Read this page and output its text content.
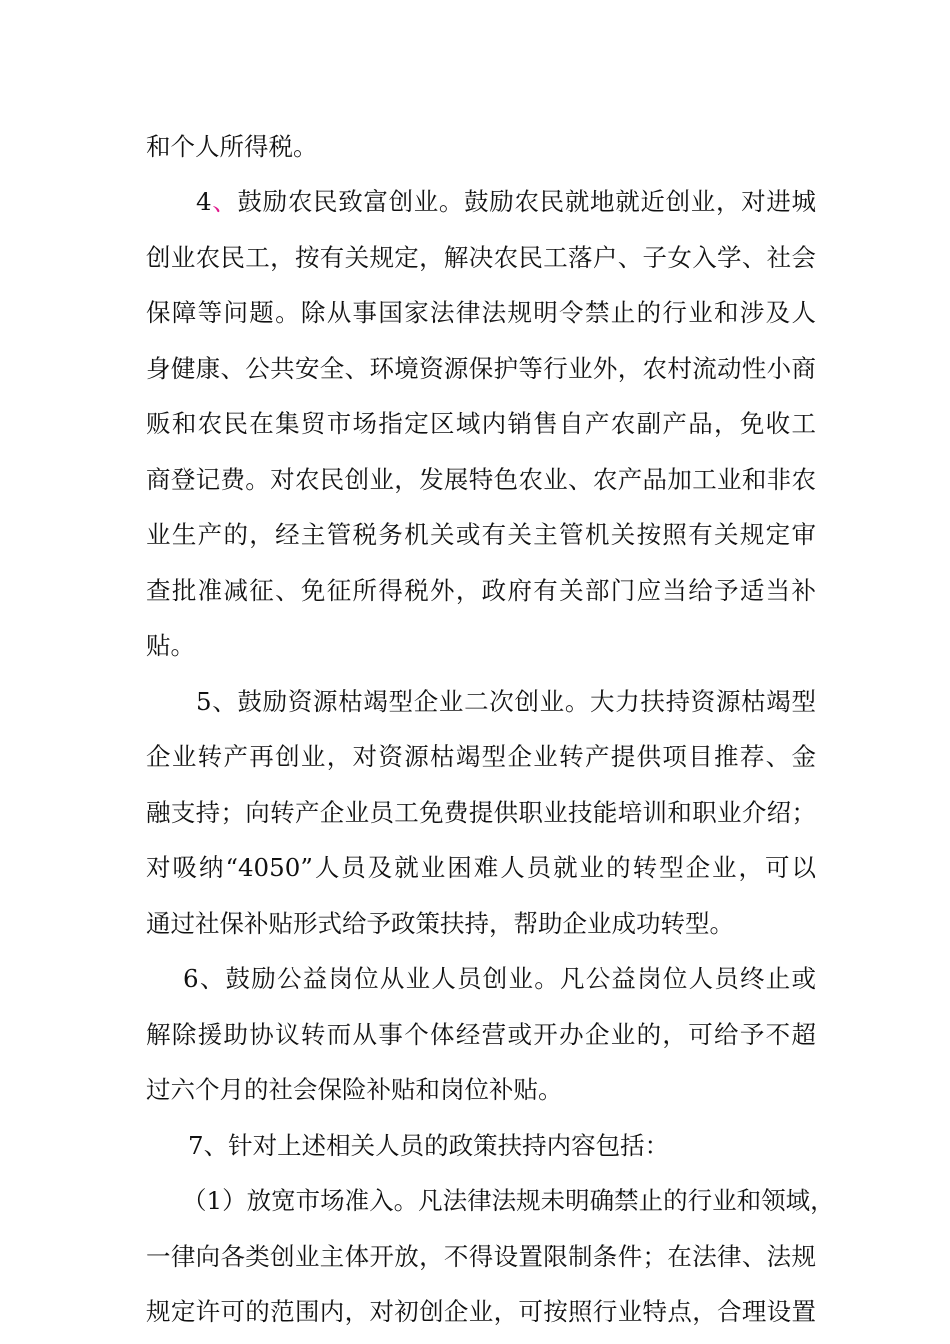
和个人所得税。
4、鼓励农民致富创业。鼓励农民就地就近创业，对进城
创业农民工，按有关规定，解决农民工落户、子女入学、社会
保障等问题。除从事国家法律法规明令禁止的行业和涉及人
身健康、公共安全、环境资源保护等行业外，农村流动性小商
贩和农民在集贸市场指定区域内销售自产农副产品，免收工
商登记费。对农民创业，发展特色农业、农产品加工业和非农
业生产的，经主管税务机关或有关主管机关按照有关规定审
查批准减征、免征所得税外，政府有关部门应当给予适当补
贴。
5、鼓励资源枯竭型企业二次创业。大力扶持资源枯竭型
企业转产再创业，对资源枯竭型企业转产提供项目推荐、金
融支持；向转产企业员工免费提供职业技能培训和职业介绍；
对吸纳“4050”人员及就业困难人员就业的转型企业，可以
通过社保补贴形式给予政策扶持，帮助企业成功转型。
6、鼓励公益岗位从业人员创业。凡公益岗位人员终止或
解除援助协议转而从事个体经营或开办企业的，可给予不超
过六个月的社会保险补贴和岗位补贴。
7、针对上述相关人员的政策扶持内容包括：
（1）放宽市场准入。凡法律法规未明确禁止的行业和领域，
一律向各类创业主体开放，不得设置限制条件；在法律、法规
规定许可的范围内，对初创企业，可按照行业特点，合理设置
